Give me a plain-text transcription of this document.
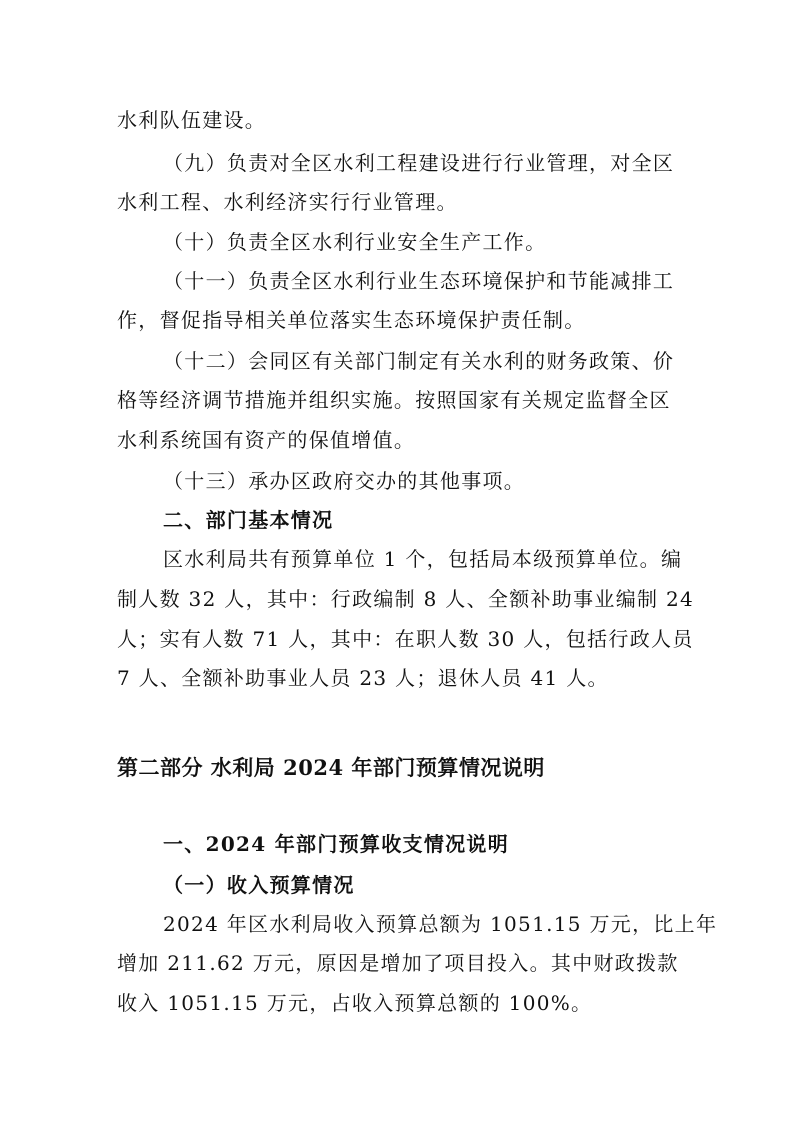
水利队伍建设。
（九）负责对全区水利工程建设进行行业管理，对全区
水利工程、水利经济实行行业管理。
（十）负责全区水利行业安全生产工作。
（十一）负责全区水利行业生态环境保护和节能减排工
作，督促指导相关单位落实生态环境保护责任制。
（十二）会同区有关部门制定有关水利的财务政策、价
格等经济调节措施并组织实施。按照国家有关规定监督全区
水利系统国有资产的保值增值。
（十三）承办区政府交办的其他事项。
二、部门基本情况
区水利局共有预算单位 1 个，包括局本级预算单位。编
制人数 32 人，其中：行政编制 8 人、全额补助事业编制 24
人；实有人数 71 人，其中：在职人数 30 人，包括行政人员
7 人、全额补助事业人员 23 人；退休人员 41 人。
第二部分 水利局 2024 年部门预算情况说明
一、2024 年部门预算收支情况说明
（一）收入预算情况
2024 年区水利局收入预算总额为 1051.15 万元，比上年
增加 211.62 万元，原因是增加了项目投入。其中财政拨款
收入 1051.15 万元，占收入预算总额的 100%。
